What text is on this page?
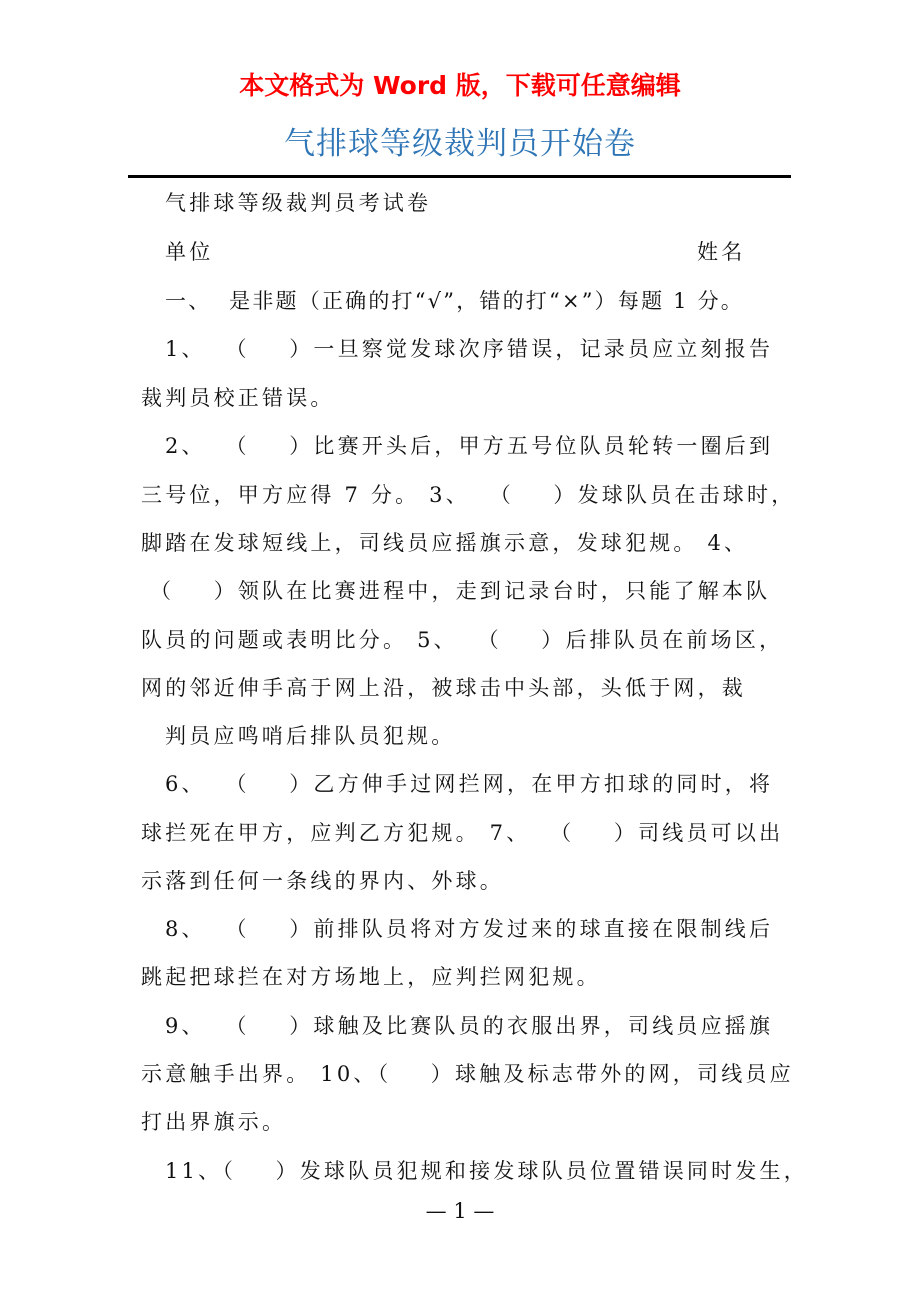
本文格式为 Word 版，下载可任意编辑
气排球等级裁判员开始卷
气排球等级裁判员考试卷
单位	姓名
一、  是非题（正确的打“√”，错的打“×”）每题 1 分。
1、  （    ）一旦察觉发球次序错误，记录员应立刻报告
裁判员校正错误。
2、  （    ）比赛开头后，甲方五号位队员轮转一圈后到
三号位，甲方应得 7 分。 3、  （    ）发球队员在击球时，
脚踏在发球短线上，司线员应摇旗示意，发球犯规。 4、
（    ）领队在比赛进程中，走到记录台时，只能了解本队
队员的问题或表明比分。 5、  （    ）后排队员在前场区，
网的邻近伸手高于网上沿，被球击中头部，头低于网，裁
判员应鸣哨后排队员犯规。
6、  （    ）乙方伸手过网拦网，在甲方扣球的同时，将
球拦死在甲方，应判乙方犯规。 7、  （    ）司线员可以出
示落到任何一条线的界内、外球。
8、  （    ）前排队员将对方发过来的球直接在限制线后
跳起把球拦在对方场地上，应判拦网犯规。
9、  （    ）球触及比赛队员的衣服出界，司线员应摇旗
示意触手出界。 10、（    ）球触及标志带外的网，司线员应
打出界旗示。
11、（    ）发球队员犯规和接发球队员位置错误同时发生，
— 1 —
